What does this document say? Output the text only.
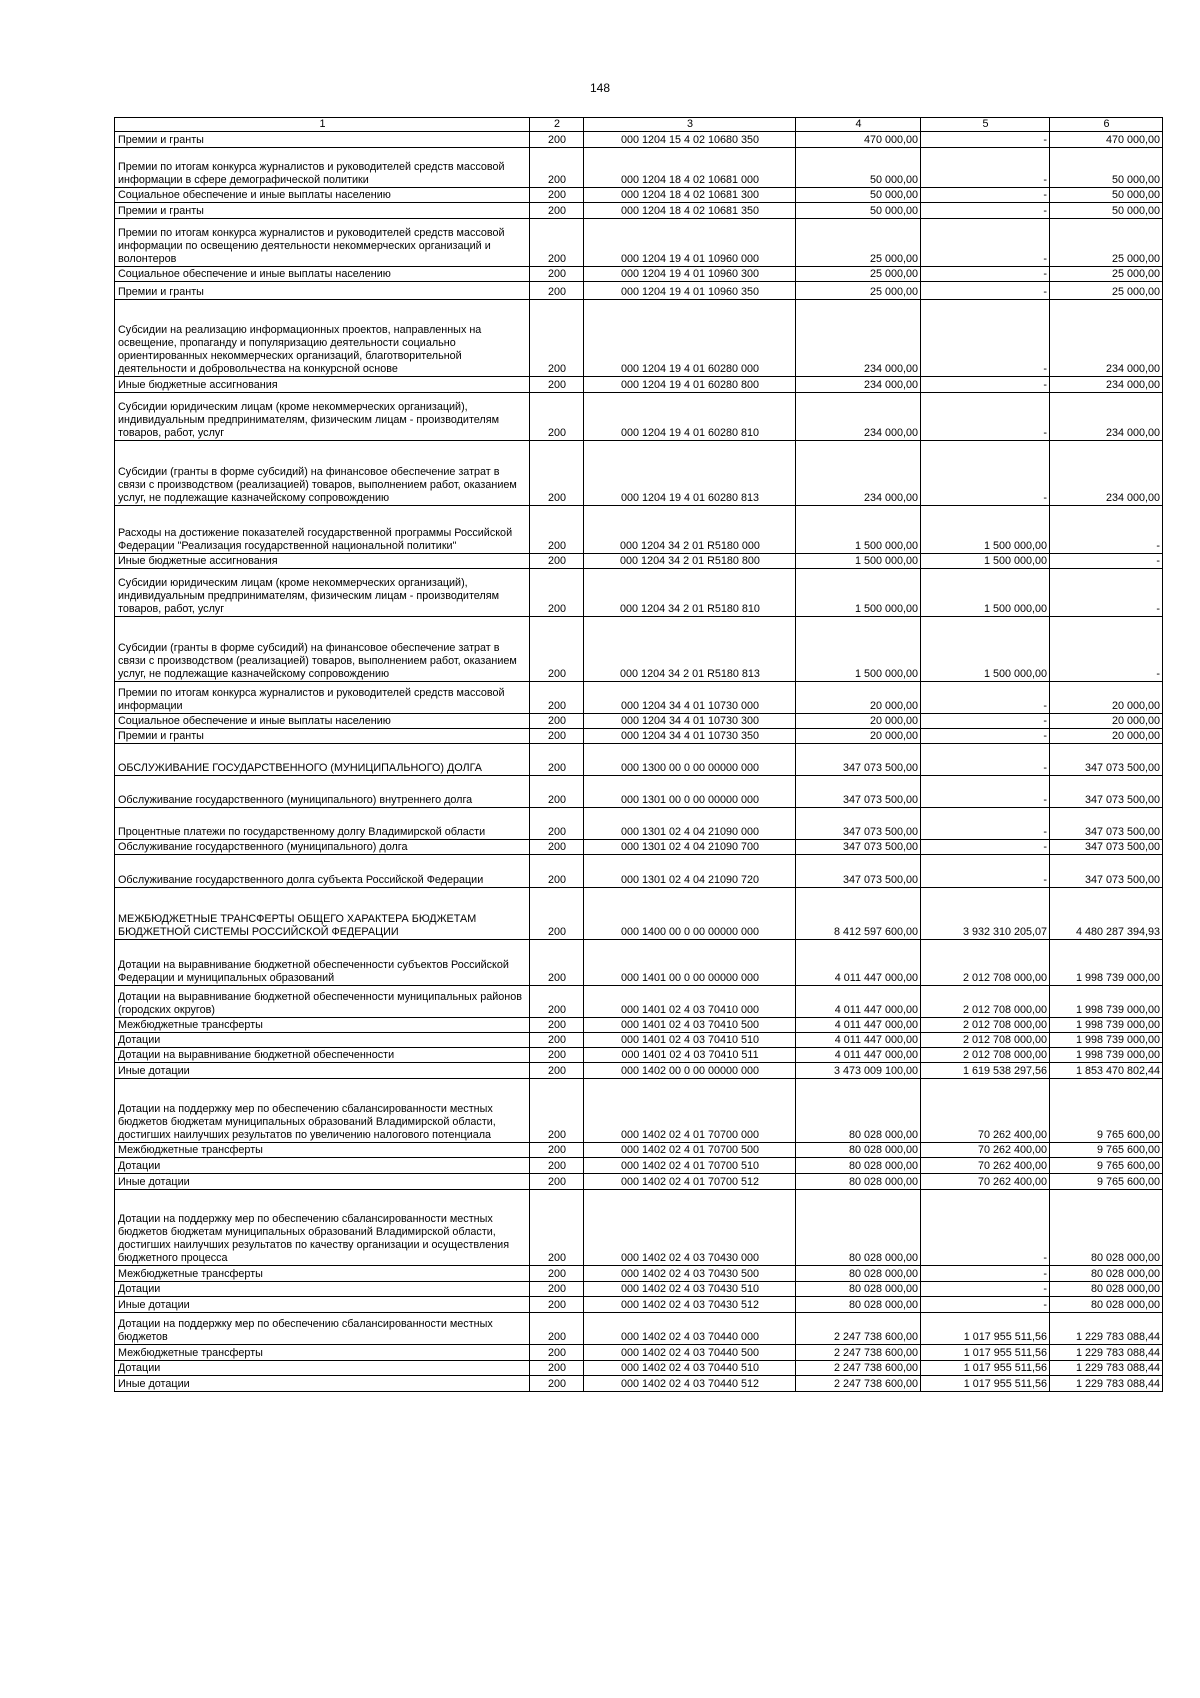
148
1	2	3	4	5	6
Премии и гранты	200	000 1204 15 4 02 10680 350	470 000,00	-	470 000,00
Премии по итогам конкурса журналистов и руководителей средств массовой информации в сфере демографической политики	200	000 1204 18 4 02 10681 000	50 000,00	-	50 000,00
Социальное обеспечение и иные выплаты населению	200	000 1204 18 4 02 10681 300	50 000,00	-	50 000,00
Премии и гранты	200	000 1204 18 4 02 10681 350	50 000,00	-	50 000,00
Премии по итогам конкурса журналистов и руководителей средств массовой информации по освещению деятельности некоммерческих организаций и волонтеров	200	000 1204 19 4 01 10960 000	25 000,00	-	25 000,00
Социальное обеспечение и иные выплаты населению	200	000 1204 19 4 01 10960 300	25 000,00	-	25 000,00
Премии и гранты	200	000 1204 19 4 01 10960 350	25 000,00	-	25 000,00
Субсидии на реализацию информационных проектов, направленных на освещение, пропаганду и популяризацию деятельности социально ориентированных некоммерческих организаций, благотворительной деятельности и добровольчества на конкурсной основе	200	000 1204 19 4 01 60280 000	234 000,00	-	234 000,00
Иные бюджетные ассигнования	200	000 1204 19 4 01 60280 800	234 000,00	-	234 000,00
Субсидии юридическим лицам (кроме некоммерческих организаций), индивидуальным предпринимателям, физическим лицам - производителям товаров, работ, услуг	200	000 1204 19 4 01 60280 810	234 000,00	-	234 000,00
Субсидии (гранты в форме субсидий) на финансовое обеспечение затрат в связи с производством (реализацией) товаров, выполнением работ, оказанием услуг, не подлежащие казначейскому сопровождению	200	000 1204 19 4 01 60280 813	234 000,00	-	234 000,00
Расходы на достижение показателей государственной программы Российской Федерации "Реализация государственной национальной политики"	200	000 1204 34 2 01 R5180 000	1 500 000,00	1 500 000,00	-
Иные бюджетные ассигнования	200	000 1204 34 2 01 R5180 800	1 500 000,00	1 500 000,00	-
Субсидии юридическим лицам (кроме некоммерческих организаций), индивидуальным предпринимателям, физическим лицам - производителям товаров, работ, услуг	200	000 1204 34 2 01 R5180 810	1 500 000,00	1 500 000,00	-
Субсидии (гранты в форме субсидий) на финансовое обеспечение затрат в связи с производством (реализацией) товаров, выполнением работ, оказанием услуг, не подлежащие казначейскому сопровождению	200	000 1204 34 2 01 R5180 813	1 500 000,00	1 500 000,00	-
Премии по итогам конкурса журналистов и руководителей средств массовой информации	200	000 1204 34 4 01 10730 000	20 000,00	-	20 000,00
Социальное обеспечение и иные выплаты населению	200	000 1204 34 4 01 10730 300	20 000,00	-	20 000,00
Премии и гранты	200	000 1204 34 4 01 10730 350	20 000,00	-	20 000,00
ОБСЛУЖИВАНИЕ ГОСУДАРСТВЕННОГО (МУНИЦИПАЛЬНОГО) ДОЛГА	200	000 1300 00 0 00 00000 000	347 073 500,00	-	347 073 500,00
Обслуживание государственного (муниципального) внутреннего долга	200	000 1301 00 0 00 00000 000	347 073 500,00	-	347 073 500,00
Процентные платежи по государственному долгу Владимирской области	200	000 1301 02 4 04 21090 000	347 073 500,00	-	347 073 500,00
Обслуживание государственного (муниципального) долга	200	000 1301 02 4 04 21090 700	347 073 500,00	-	347 073 500,00
Обслуживание государственного долга субъекта Российской Федерации	200	000 1301 02 4 04 21090 720	347 073 500,00	-	347 073 500,00
МЕЖБЮДЖЕТНЫЕ ТРАНСФЕРТЫ ОБЩЕГО ХАРАКТЕРА БЮДЖЕТАМ БЮДЖЕТНОЙ СИСТЕМЫ РОССИЙСКОЙ ФЕДЕРАЦИИ	200	000 1400 00 0 00 00000 000	8 412 597 600,00	3 932 310 205,07	4 480 287 394,93
Дотации на выравнивание бюджетной обеспеченности субъектов Российской Федерации и муниципальных образований	200	000 1401 00 0 00 00000 000	4 011 447 000,00	2 012 708 000,00	1 998 739 000,00
Дотации на выравнивание бюджетной обеспеченности муниципальных районов (городских округов)	200	000 1401 02 4 03 70410 000	4 011 447 000,00	2 012 708 000,00	1 998 739 000,00
Межбюджетные трансферты	200	000 1401 02 4 03 70410 500	4 011 447 000,00	2 012 708 000,00	1 998 739 000,00
Дотации	200	000 1401 02 4 03 70410 510	4 011 447 000,00	2 012 708 000,00	1 998 739 000,00
Дотации на выравнивание бюджетной обеспеченности	200	000 1401 02 4 03 70410 511	4 011 447 000,00	2 012 708 000,00	1 998 739 000,00
Иные дотации	200	000 1402 00 0 00 00000 000	3 473 009 100,00	1 619 538 297,56	1 853 470 802,44
Дотации на поддержку мер по обеспечению сбалансированности местных бюджетов бюджетам муниципальных образований Владимирской области, достигших наилучших результатов по увеличению налогового потенциала	200	000 1402 02 4 01 70700 000	80 028 000,00	70 262 400,00	9 765 600,00
Межбюджетные трансферты	200	000 1402 02 4 01 70700 500	80 028 000,00	70 262 400,00	9 765 600,00
Дотации	200	000 1402 02 4 01 70700 510	80 028 000,00	70 262 400,00	9 765 600,00
Иные дотации	200	000 1402 02 4 01 70700 512	80 028 000,00	70 262 400,00	9 765 600,00
Дотации на поддержку мер по обеспечению сбалансированности местных бюджетов бюджетам муниципальных образований Владимирской области, достигших наилучших результатов по качеству организации и осуществления бюджетного процесса	200	000 1402 02 4 03 70430 000	80 028 000,00	-	80 028 000,00
Межбюджетные трансферты	200	000 1402 02 4 03 70430 500	80 028 000,00	-	80 028 000,00
Дотации	200	000 1402 02 4 03 70430 510	80 028 000,00	-	80 028 000,00
Иные дотации	200	000 1402 02 4 03 70430 512	80 028 000,00	-	80 028 000,00
Дотации на поддержку мер по обеспечению сбалансированности местных бюджетов	200	000 1402 02 4 03 70440 000	2 247 738 600,00	1 017 955 511,56	1 229 783 088,44
Межбюджетные трансферты	200	000 1402 02 4 03 70440 500	2 247 738 600,00	1 017 955 511,56	1 229 783 088,44
Дотации	200	000 1402 02 4 03 70440 510	2 247 738 600,00	1 017 955 511,56	1 229 783 088,44
Иные дотации	200	000 1402 02 4 03 70440 512	2 247 738 600,00	1 017 955 511,56	1 229 783 088,44
